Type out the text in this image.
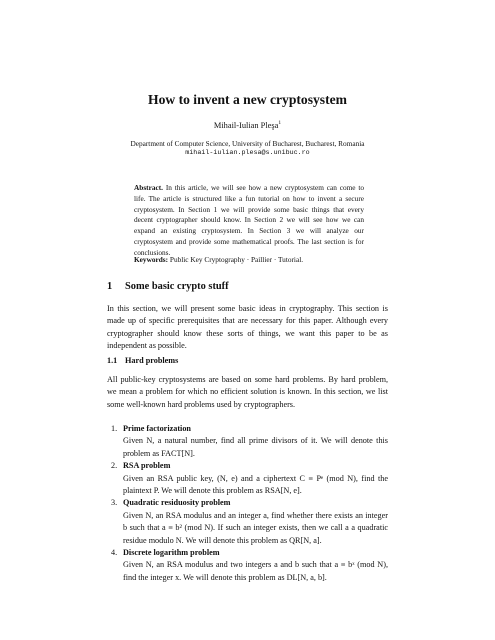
How to invent a new cryptosystem
Mihail-Iulian Pleşa$^1$
Department of Computer Science, University of Bucharest, Bucharest, Romania
mihail-iulian.plesa@s.unibuc.ro
Abstract. In this article, we will see how a new cryptosystem can come to life. The article is structured like a fun tutorial on how to invent a secure cryptosystem. In Section 1 we will provide some basic things that every decent cryptographer should know. In Section 2 we will see how we can expand an existing cryptosystem. In Section 3 we will analyze our cryptosystem and provide some mathematical proofs. The last section is for conclusions.
Keywords: Public Key Cryptography · Paillier · Tutorial.
1 Some basic crypto stuff
In this section, we will present some basic ideas in cryptography. This section is made up of specific prerequisites that are necessary for this paper. Although every cryptographer should know these sorts of things, we want this paper to be as independent as possible.
1.1 Hard problems
All public-key cryptosystems are based on some hard problems. By hard problem, we mean a problem for which no efficient solution is known. In this section, we list some well-known hard problems used by cryptographers.
1. Prime factorization
Given N, a natural number, find all prime divisors of it. We will denote this problem as FACT[N].
2. RSA problem
Given an RSA public key, (N, e) and a ciphertext C ≡ Pᵉ (mod N), find the plaintext P. We will denote this problem as RSA[N, e].
3. Quadratic residuosity problem
Given N, an RSA modulus and an integer a, find whether there exists an integer b such that a ≡ b² (mod N). If such an integer exists, then we call a a quadratic residue modulo N. We will denote this problem as QR[N, a].
4. Discrete logarithm problem
Given N, an RSA modulus and two integers a and b such that a ≡ bˣ (mod N), find the integer x. We will denote this problem as DL[N, a, b].
